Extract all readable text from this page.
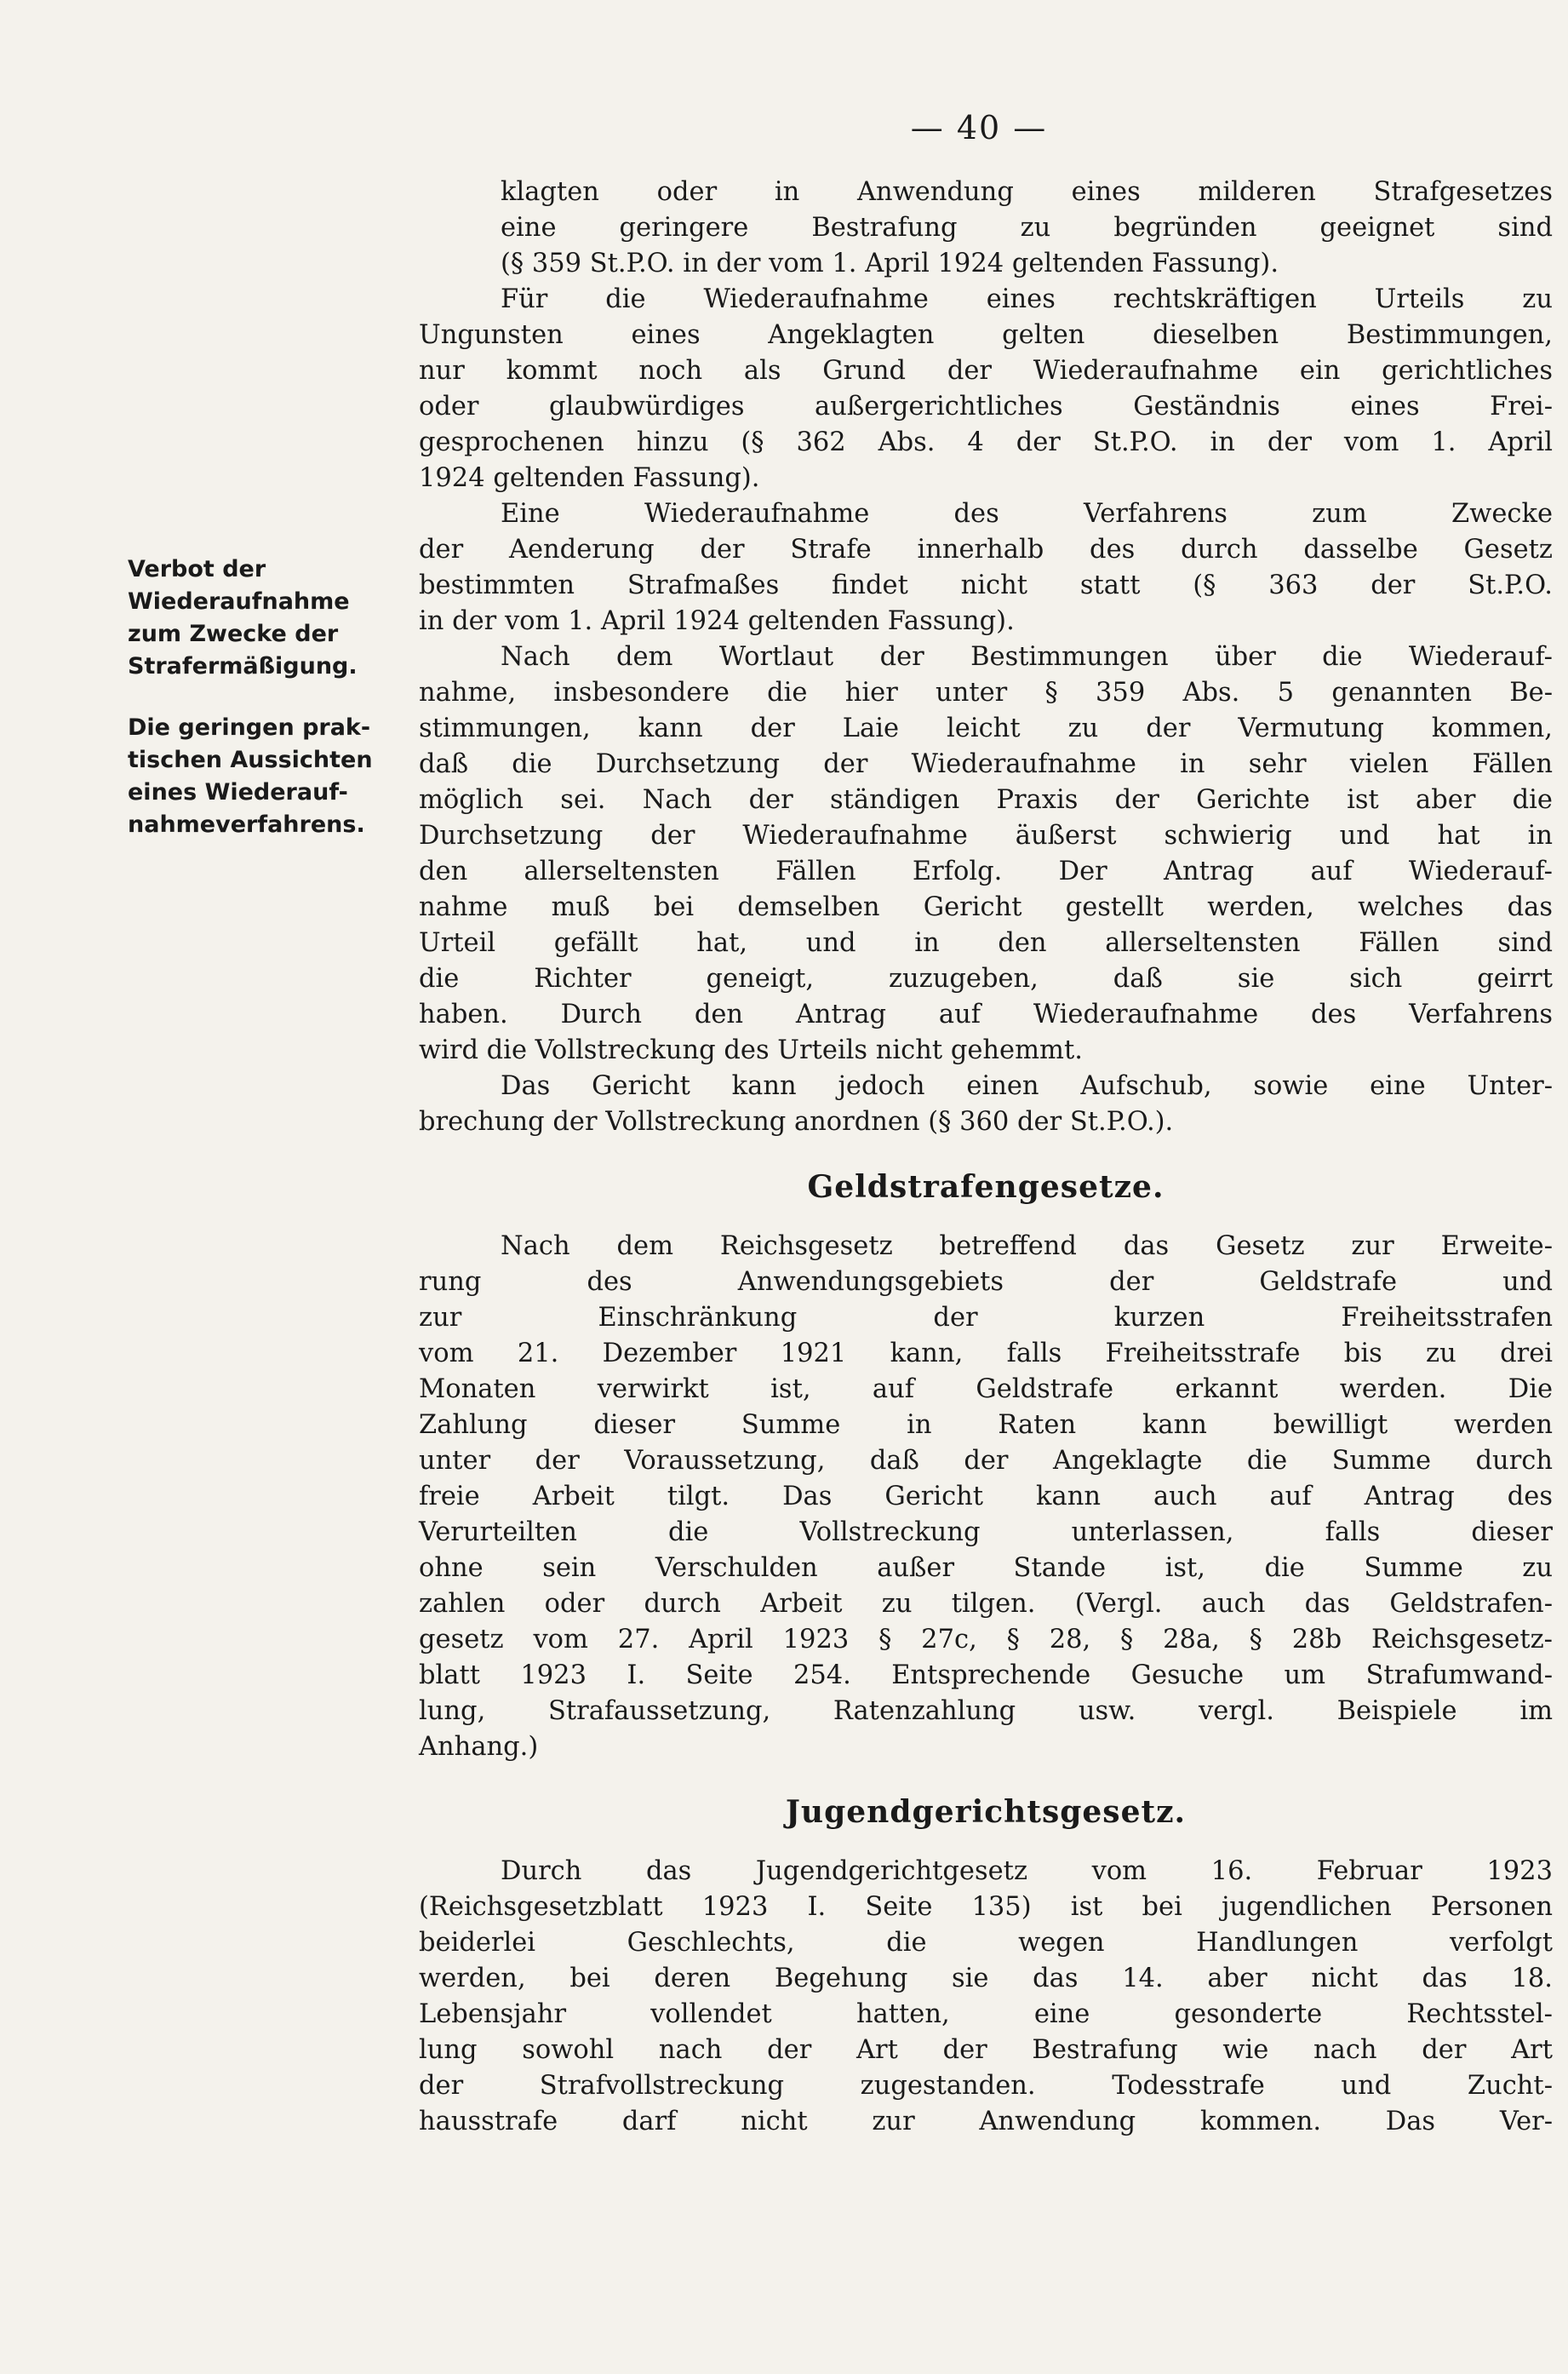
— 40 —
Verbot der
Wiederaufnahme
zum Zwecke der
Strafermäßigung.
Die geringen prak-
tischen Aussichten
eines Wiederauf-
nahmeverfahrens.
klagten oder in Anwendung eines milderen Strafgesetzes
eine geringere Bestrafung zu begründen geeignet sind
(§ 359 St.P.O. in der vom 1. April 1924 geltenden Fassung).
Für die Wiederaufnahme eines rechtskräftigen Urteils zu
Ungunsten eines Angeklagten gelten dieselben Bestimmungen,
nur kommt noch als Grund der Wiederaufnahme ein gerichtliches
oder glaubwürdiges außergerichtliches Geständnis eines Frei-
gesprochenen hinzu (§ 362 Abs. 4 der St.P.O. in der vom 1. April
1924 geltenden Fassung).
Eine Wiederaufnahme des Verfahrens zum Zwecke
der Aenderung der Strafe innerhalb des durch dasselbe Gesetz
bestimmten Strafmaßes findet nicht statt (§ 363 der St.P.O.
in der vom 1. April 1924 geltenden Fassung).
Nach dem Wortlaut der Bestimmungen über die Wiederauf-
nahme, insbesondere die hier unter § 359 Abs. 5 genannten Be-
stimmungen, kann der Laie leicht zu der Vermutung kommen,
daß die Durchsetzung der Wiederaufnahme in sehr vielen Fällen
möglich sei. Nach der ständigen Praxis der Gerichte ist aber die
Durchsetzung der Wiederaufnahme äußerst schwierig und hat in
den allerseltensten Fällen Erfolg. Der Antrag auf Wiederauf-
nahme muß bei demselben Gericht gestellt werden, welches das
Urteil gefällt hat, und in den allerseltensten Fällen sind
die Richter geneigt, zuzugeben, daß sie sich geirrt
haben. Durch den Antrag auf Wiederaufnahme des Verfahrens
wird die Vollstreckung des Urteils nicht gehemmt.
Das Gericht kann jedoch einen Aufschub, sowie eine Unter-
brechung der Vollstreckung anordnen (§ 360 der St.P.O.).
Geldstrafengesetze.
Nach dem Reichsgesetz betreffend das Gesetz zur Erweite-
rung des Anwendungsgebiets der Geldstrafe und
zur Einschränkung der kurzen Freiheitsstrafen
vom 21. Dezember 1921 kann, falls Freiheitsstrafe bis zu drei
Monaten verwirkt ist, auf Geldstrafe erkannt werden. Die
Zahlung dieser Summe in Raten kann bewilligt werden
unter der Voraussetzung, daß der Angeklagte die Summe durch
freie Arbeit tilgt. Das Gericht kann auch auf Antrag des
Verurteilten die Vollstreckung unterlassen, falls dieser
ohne sein Verschulden außer Stande ist, die Summe zu
zahlen oder durch Arbeit zu tilgen. (Vergl. auch das Geldstrafen-
gesetz vom 27. April 1923 § 27c, § 28, § 28a, § 28b Reichsgesetz-
blatt 1923 I. Seite 254. Entsprechende Gesuche um Strafumwand-
lung, Strafaussetzung, Ratenzahlung usw. vergl. Beispiele im
Anhang.)
Jugendgerichtsgesetz.
Durch das Jugendgerichtgesetz vom 16. Februar 1923
(Reichsgesetzblatt 1923 I. Seite 135) ist bei jugendlichen Personen
beiderlei Geschlechts, die wegen Handlungen verfolgt
werden, bei deren Begehung sie das 14. aber nicht das 18.
Lebensjahr vollendet hatten, eine gesonderte Rechtsstel-
lung sowohl nach der Art der Bestrafung wie nach der Art
der Strafvollstreckung zugestanden. Todesstrafe und Zucht-
hausstrafe darf nicht zur Anwendung kommen. Das Ver-
